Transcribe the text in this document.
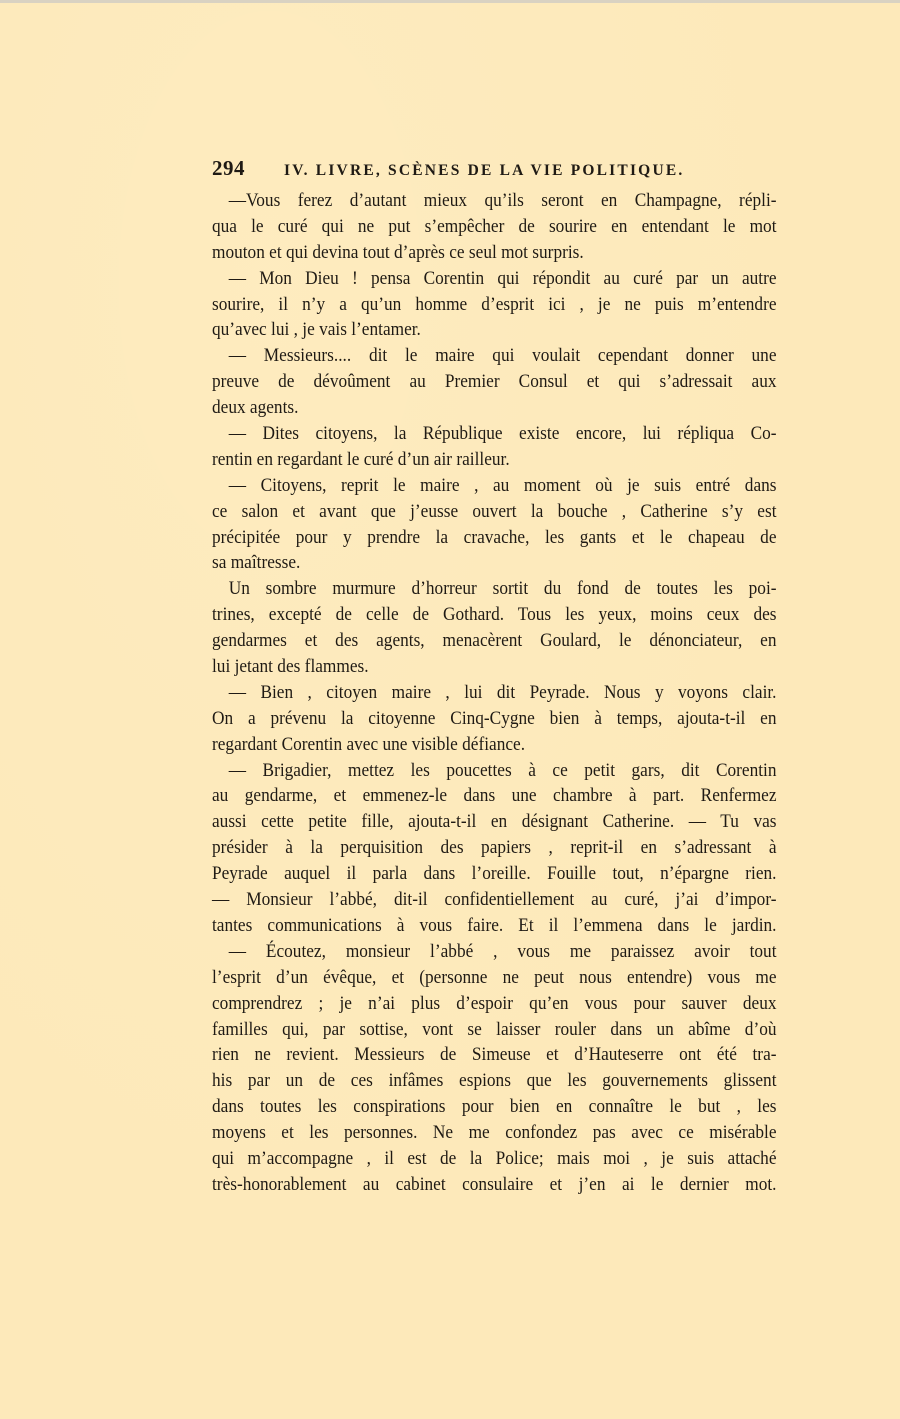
294	IV. LIVRE, SCÈNES DE LA VIE POLITIQUE.
—Vous ferez d’autant mieux qu’ils seront en Champagne, répli-
qua le curé qui ne put s’empêcher de sourire en entendant le mot
mouton et qui devina tout d’après ce seul mot surpris.
— Mon Dieu ! pensa Corentin qui répondit au curé par un autre
sourire, il n’y a qu’un homme d’esprit ici , je ne puis m’entendre
qu’avec lui , je vais l’entamer.
— Messieurs.... dit le maire qui voulait cependant donner une
preuve de dévoûment au Premier Consul et qui s’adressait aux
deux agents.
— Dites citoyens, la République existe encore, lui répliqua Co-
rentin en regardant le curé d’un air railleur.
— Citoyens, reprit le maire , au moment où je suis entré dans
ce salon et avant que j’eusse ouvert la bouche , Catherine s’y est
précipitée pour y prendre la cravache, les gants et le chapeau de
sa maîtresse.
Un sombre murmure d’horreur sortit du fond de toutes les poi-
trines, excepté de celle de Gothard. Tous les yeux, moins ceux des
gendarmes et des agents, menacèrent Goulard, le dénonciateur, en
lui jetant des flammes.
— Bien , citoyen maire , lui dit Peyrade. Nous y voyons clair.
On a prévenu la citoyenne Cinq-Cygne bien à temps, ajouta-t-il en
regardant Corentin avec une visible défiance.
— Brigadier, mettez les poucettes à ce petit gars, dit Corentin
au gendarme, et emmenez-le dans une chambre à part. Renfermez
aussi cette petite fille, ajouta-t-il en désignant Catherine. — Tu vas
présider à la perquisition des papiers , reprit-il en s’adressant à
Peyrade auquel il parla dans l’oreille. Fouille tout, n’épargne rien.
— Monsieur l’abbé, dit-il confidentiellement au curé, j’ai d’impor-
tantes communications à vous faire. Et il l’emmena dans le jardin.
— Écoutez, monsieur l’abbé , vous me paraissez avoir tout
l’esprit d’un évêque, et (personne ne peut nous entendre) vous me
comprendrez ; je n’ai plus d’espoir qu’en vous pour sauver deux
familles qui, par sottise, vont se laisser rouler dans un abîme d’où
rien ne revient. Messieurs de Simeuse et d’Hauteserre ont été tra-
his par un de ces infâmes espions que les gouvernements glissent
dans toutes les conspirations pour bien en connaître le but , les
moyens et les personnes. Ne me confondez pas avec ce misérable
qui m’accompagne , il est de la Police; mais moi , je suis attaché
très-honorablement au cabinet consulaire et j’en ai le dernier mot.
